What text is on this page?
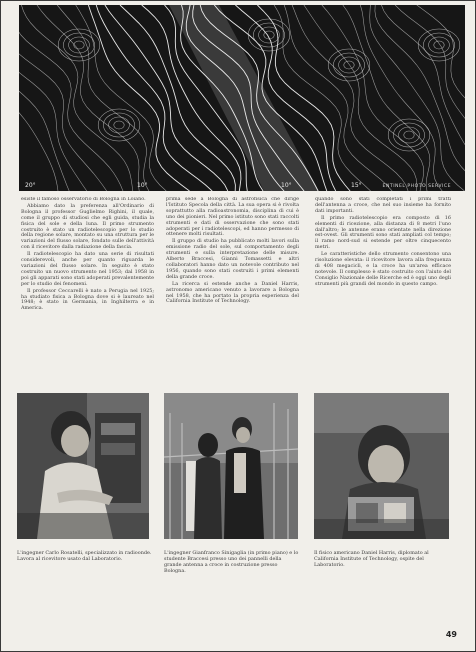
20°	10°	10°	15°	ENTINEL PHOTO SERVICE

esiste il famoso osservatorio di Bologna in Loiano.

Abbiamo dato la preferenza all'Ordinario di Bologna il professor Guglielmo Righini, il quale, come il gruppo di studiosi che egli guida, studia la fisica del sole e della luna. Il primo strumento costruito è stato un radiotelescopio per lo studio della regione solare, montato su una struttura per le variazioni del flusso solare, fondato sulle dell'attività con il ricevitore dalla radiazione della fascia.

Il radiotelescopio ha dato una serie di risultati considerevoli, anche per quanto riguarda le variazioni del flusso solare. In seguito è stato costruito un nuovo strumento nel 1953; dal 1958 in poi gli apparati sono stati adoperati prevalentemente per lo studio dei fenomeni.

Il professor Ceccarelli è nato a Perugia nel 1925; ha studiato fisica a Bologna dove si è laureato nel 1948; è stato in Germania, in Inghilterra e in America.

prima sede a Bologna di astrofisica che dirige l'Istituto Specola della città. La sua opera si è rivolta soprattutto alla radioastronomia, disciplina di cui è uno dei pionieri. Nel primo istituto sono stati raccolti strumenti e dati di osservazione che sono stati adoperati per i radiotelescopi, ed hanno permesso di ottenere molti risultati.

Il gruppo di studio ha pubblicato molti lavori sulla emissione radio del sole, sul comportamento degli strumenti e sulla interpretazione delle misure. Alberto Braccesi, Gianni Tomassetti e altri collaboratori hanno dato un notevole contributo nel 1956, quando sono stati costruiti i primi elementi della grande croce.

La ricerca si estende anche a Daniel Harris, astronomo americano venuto a lavorare a Bologna nel 1958, che ha portato la propria esperienza del California Institute of Technology.

quando sono stati completati i primi tratti dell'antenna a croce, che nel suo insieme ha fornito dati importanti.

Il primo radiotelescopio era composto di 16 elementi di ricezione, alla distanza di 8 metri l'uno dall'altro; le antenne erano orientate nella direzione est-ovest. Gli strumenti sono stati ampliati col tempo; il ramo nord-sud si estende per oltre cinquecento metri.

Le caratteristiche dello strumento consentono una risoluzione elevata: il ricevitore lavora alla frequenza di 408 megacicli, e la croce ha un'area efficace notevole. Il complesso è stato costruito con l'aiuto del Consiglio Nazionale delle Ricerche ed è oggi uno degli strumenti più grandi del mondo in questo campo.

L'ingegner Carlo Rosatelli, specializzato in radioonde. Lavora al ricevitore usato dal Laboratorio.
L'ingegner Gianfranco Sinigaglia (in primo piano) e lo studente Braccesi presso uno dei pannelli della grande antenna a croce in costruzione presso Bologna.
Il fisico americano Daniel Harris, diplomato al California Institute of Technology, ospite del Laboratorio.
49
